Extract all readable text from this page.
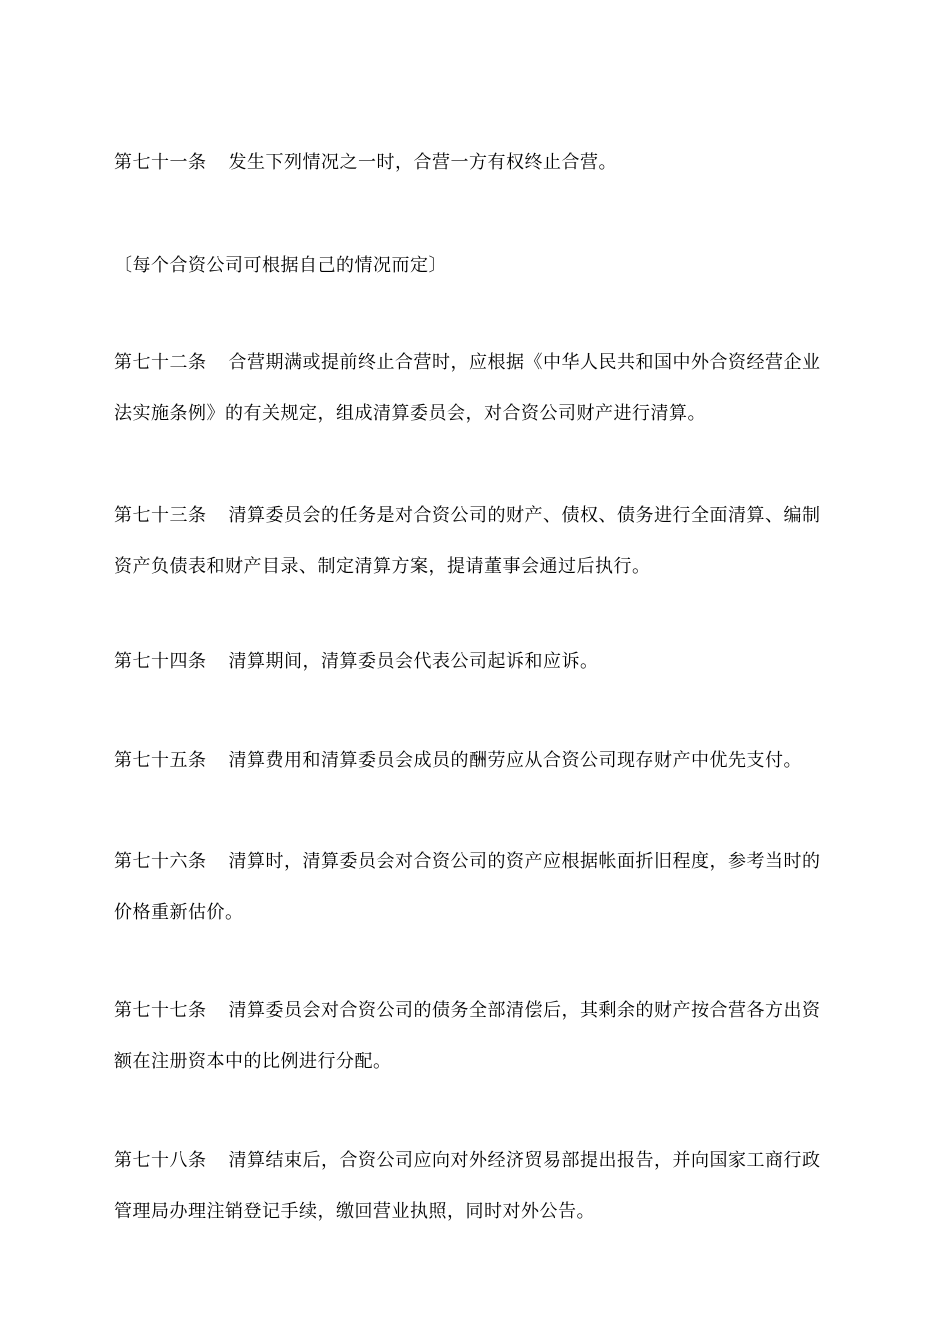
第七十一条 发生下列情况之一时，合营一方有权终止合营。

〔每个合资公司可根据自己的情况而定〕

第七十二条 合营期满或提前终止合营时，应根据《中华人民共和国中外合资经营企业法实施条例》的有关规定，组成清算委员会，对合资公司财产进行清算。

第七十三条 清算委员会的任务是对合资公司的财产、债权、债务进行全面清算、编制资产负债表和财产目录、制定清算方案，提请董事会通过后执行。

第七十四条 清算期间，清算委员会代表公司起诉和应诉。

第七十五条 清算费用和清算委员会成员的酬劳应从合资公司现存财产中优先支付。

第七十六条 清算时，清算委员会对合资公司的资产应根据帐面折旧程度，参考当时的价格重新估价。

第七十七条 清算委员会对合资公司的债务全部清偿后，其剩余的财产按合营各方出资额在注册资本中的比例进行分配。

第七十八条 清算结束后，合资公司应向对外经济贸易部提出报告，并向国家工商行政管理局办理注销登记手续，缴回营业执照，同时对外公告。
